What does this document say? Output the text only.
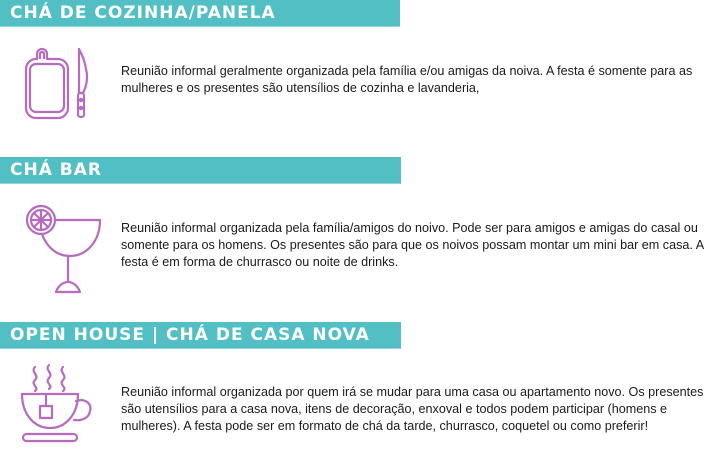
CHÁ DE COZINHA/PANELA
Reunião informal geralmente organizada pela família e/ou amigas da noiva. A festa é somente para as mulheres e os presentes são utensílios de cozinha e lavanderia,
CHÁ BAR
Reunião informal organizada pela família/amigos do noivo. Pode ser para amigos e amigas do casal ou somente para os homens. Os presentes são para que os noivos possam montar um mini bar em casa. A festa é em forma de churrasco ou noite de drinks.
OPEN HOUSE | CHÁ DE CASA NOVA
Reunião informal organizada por quem irá se mudar para uma casa ou apartamento novo. Os presentes são utensílios para a casa nova, itens de decoração, enxoval e todos podem participar (homens e mulheres). A festa pode ser em formato de chá da tarde, churrasco, coquetel ou como preferir!
